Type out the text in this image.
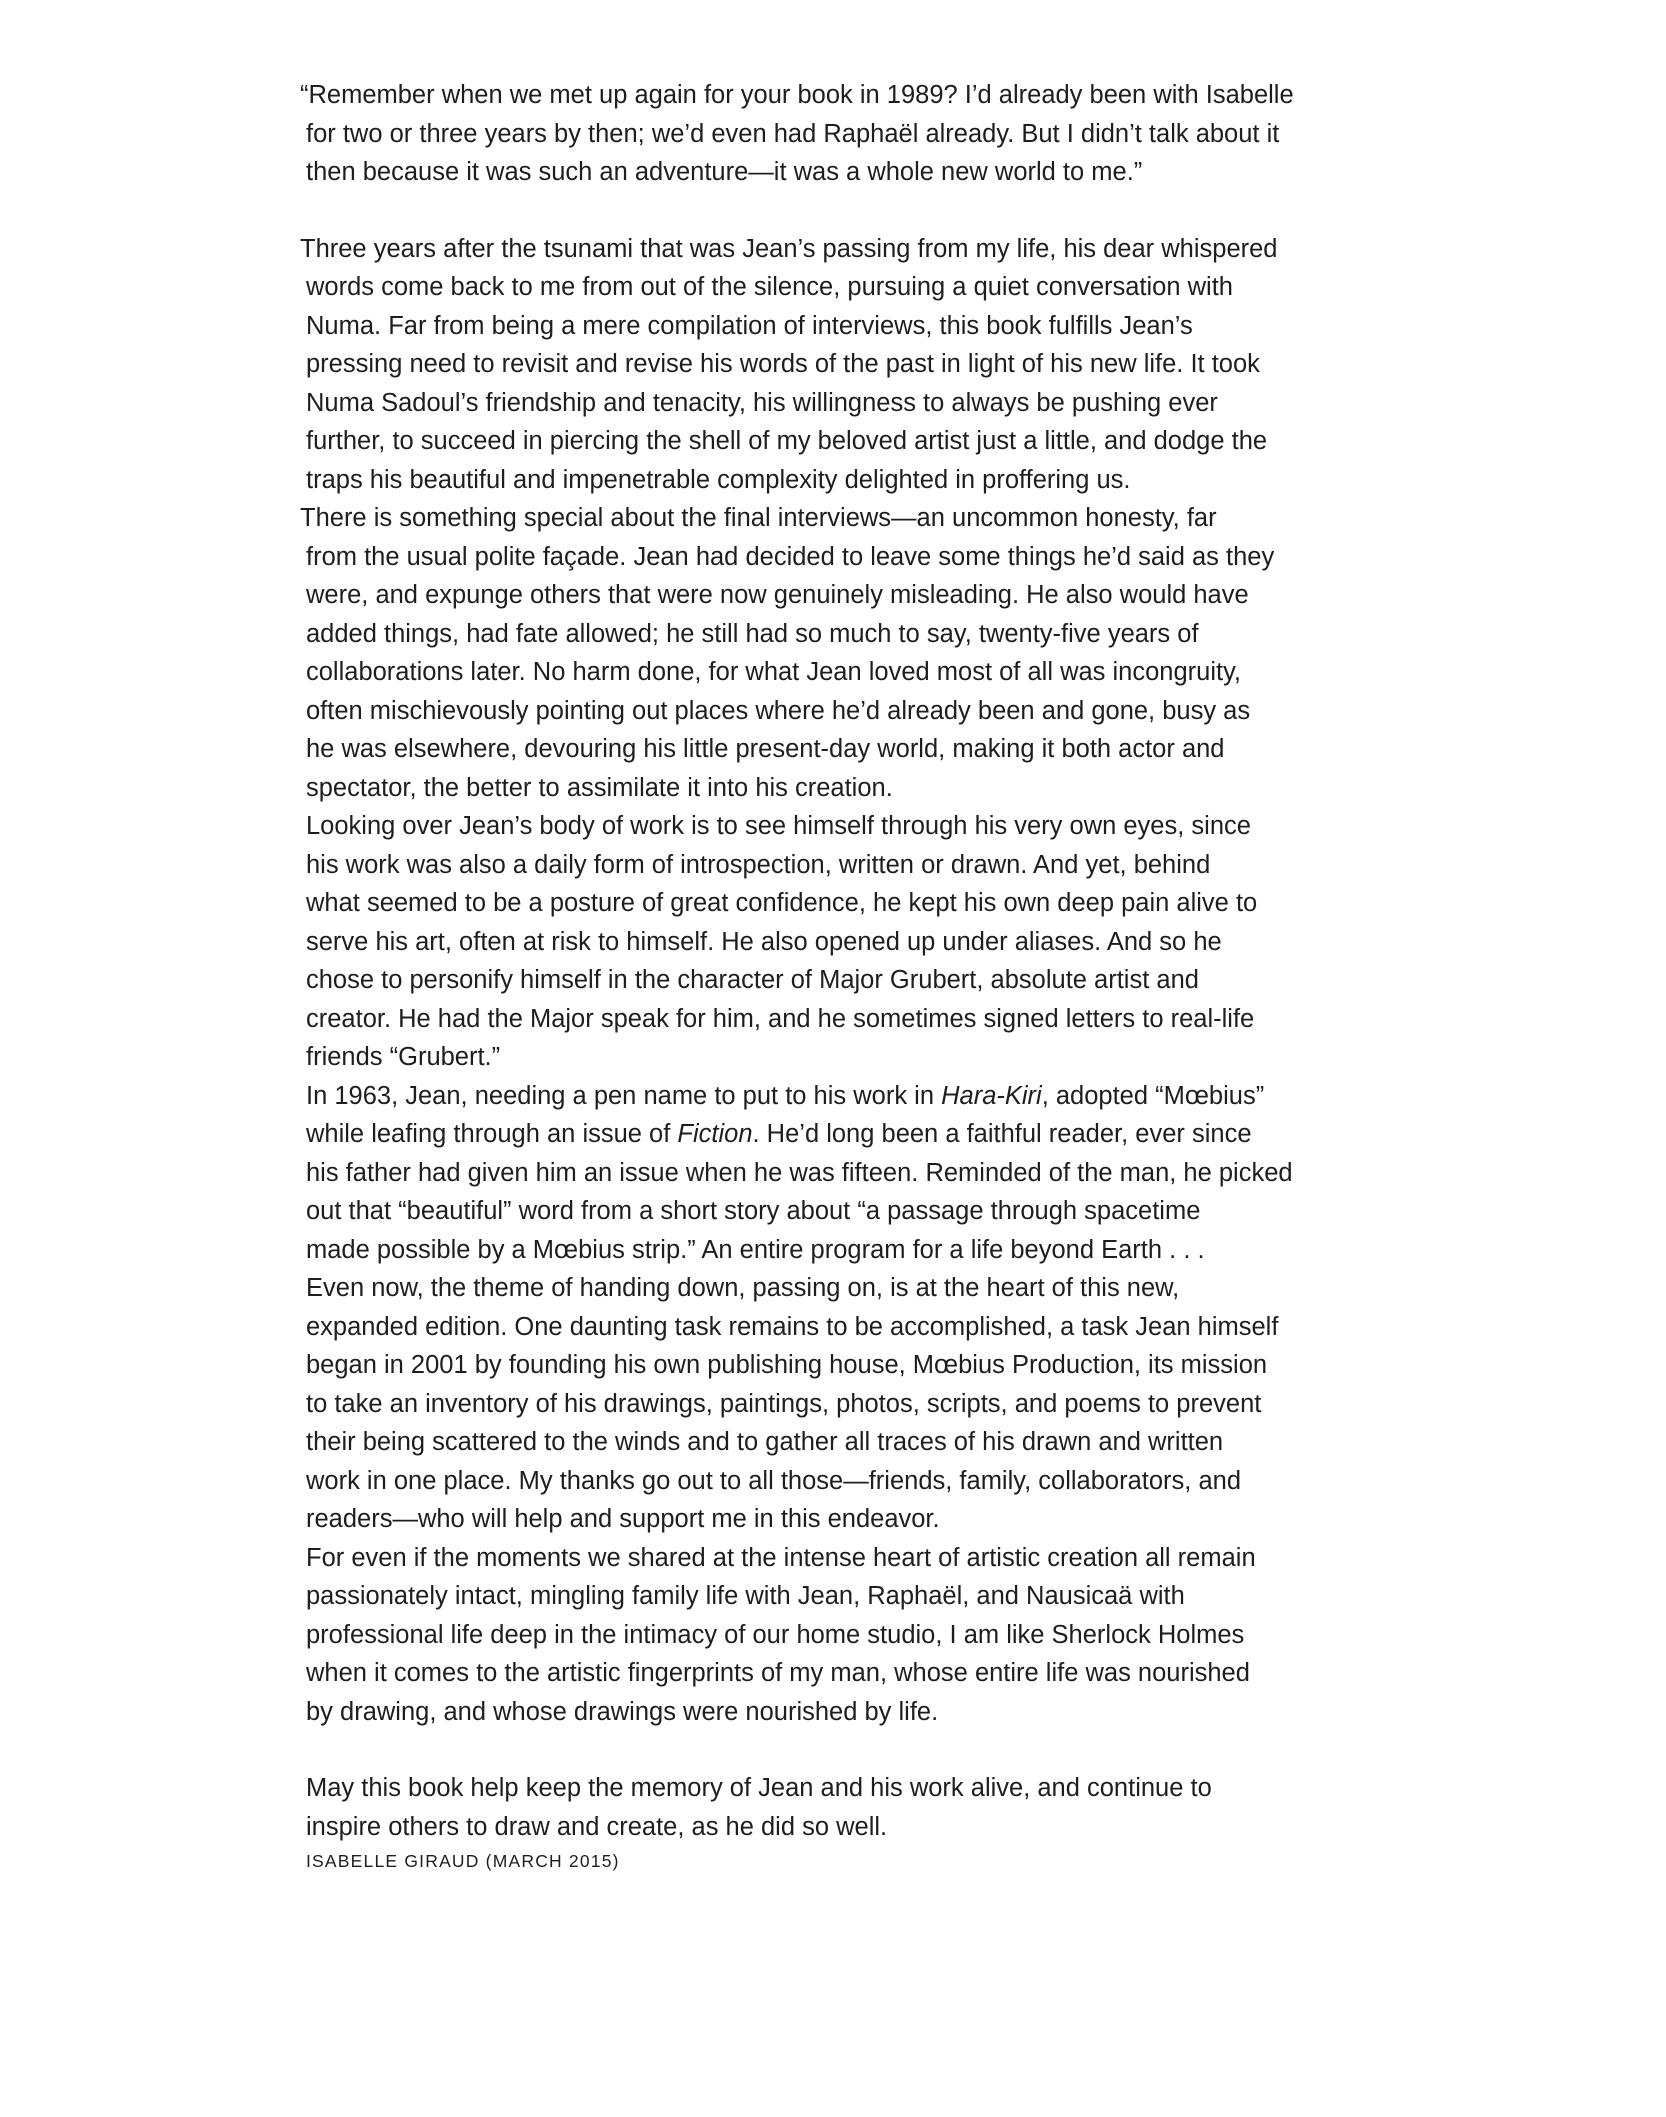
“Remember when we met up again for your book in 1989? I’d already been with Isabelle
for two or three years by then; we’d even had Raphaël already. But I didn’t talk about it
then because it was such an adventure—it was a whole new world to me.”

Three years after the tsunami that was Jean’s passing from my life, his dear whispered
words come back to me from out of the silence, pursuing a quiet conversation with
Numa. Far from being a mere compilation of interviews, this book fulfills Jean’s
pressing need to revisit and revise his words of the past in light of his new life. It took
Numa Sadoul’s friendship and tenacity, his willingness to always be pushing ever
further, to succeed in piercing the shell of my beloved artist just a little, and dodge the
traps his beautiful and impenetrable complexity delighted in proffering us.

There is something special about the final interviews—an uncommon honesty, far
from the usual polite façade. Jean had decided to leave some things he’d said as they
were, and expunge others that were now genuinely misleading. He also would have
added things, had fate allowed; he still had so much to say, twenty-five years of
collaborations later. No harm done, for what Jean loved most of all was incongruity,
often mischievously pointing out places where he’d already been and gone, busy as
he was elsewhere, devouring his little present-day world, making it both actor and
spectator, the better to assimilate it into his creation.

Looking over Jean’s body of work is to see himself through his very own eyes, since
his work was also a daily form of introspection, written or drawn. And yet, behind
what seemed to be a posture of great confidence, he kept his own deep pain alive to
serve his art, often at risk to himself. He also opened up under aliases. And so he
chose to personify himself in the character of Major Grubert, absolute artist and
creator. He had the Major speak for him, and he sometimes signed letters to real-life
friends “Grubert.”

In 1963, Jean, needing a pen name to put to his work in Hara-Kiri, adopted “Mœbius”
while leafing through an issue of Fiction. He’d long been a faithful reader, ever since
his father had given him an issue when he was fifteen. Reminded of the man, he picked
out that “beautiful” word from a short story about “a passage through spacetime
made possible by a Mœbius strip.” An entire program for a life beyond Earth . . .

Even now, the theme of handing down, passing on, is at the heart of this new,
expanded edition. One daunting task remains to be accomplished, a task Jean himself
began in 2001 by founding his own publishing house, Mœbius Production, its mission
to take an inventory of his drawings, paintings, photos, scripts, and poems to prevent
their being scattered to the winds and to gather all traces of his drawn and written
work in one place. My thanks go out to all those—friends, family, collaborators, and
readers—who will help and support me in this endeavor.

For even if the moments we shared at the intense heart of artistic creation all remain
passionately intact, mingling family life with Jean, Raphaël, and Nausicaä with
professional life deep in the intimacy of our home studio, I am like Sherlock Holmes
when it comes to the artistic fingerprints of my man, whose entire life was nourished
by drawing, and whose drawings were nourished by life.

May this book help keep the memory of Jean and his work alive, and continue to
inspire others to draw and create, as he did so well.

ISABELLE GIRAUD (MARCH 2015)
